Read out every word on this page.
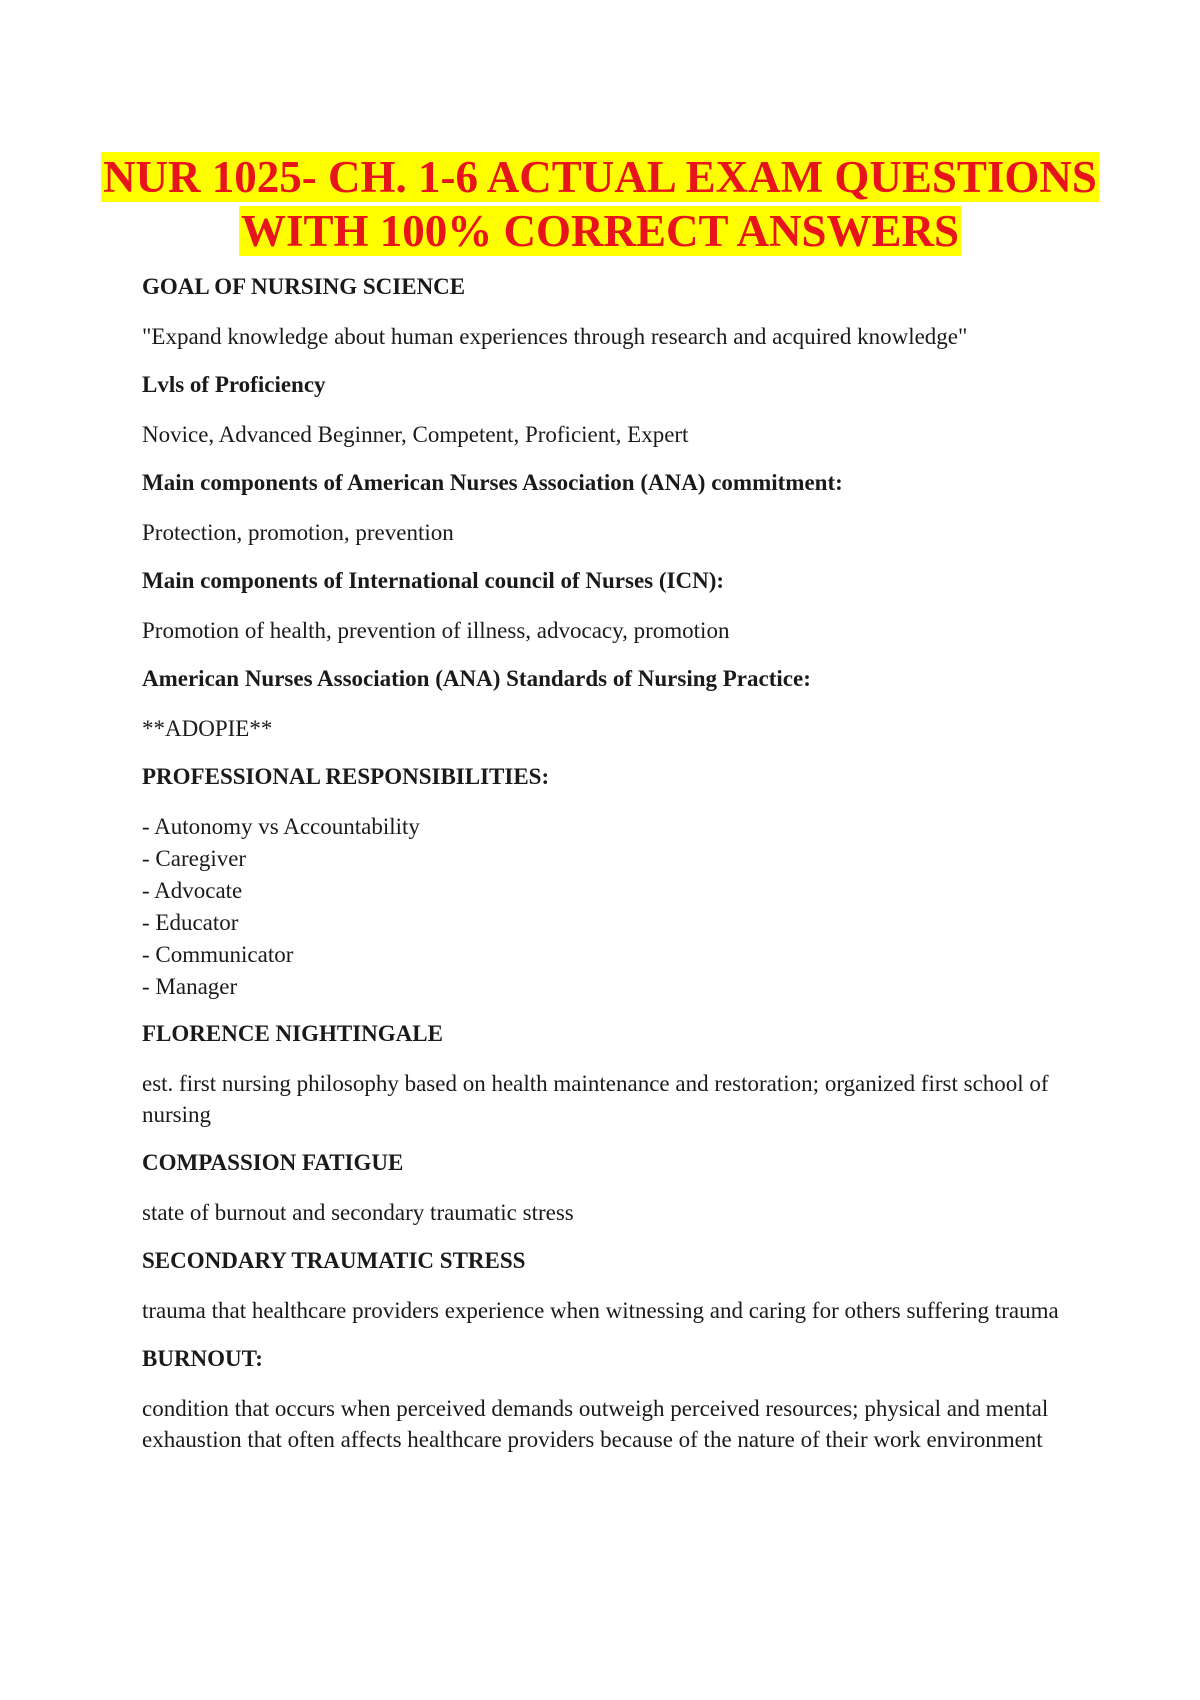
NUR 1025- CH. 1-6 ACTUAL EXAM QUESTIONS
WITH 100% CORRECT ANSWERS
GOAL OF NURSING SCIENCE
"Expand knowledge about human experiences through research and acquired knowledge"
Lvls of Proficiency
Novice, Advanced Beginner, Competent, Proficient, Expert
Main components of American Nurses Association (ANA) commitment:
Protection, promotion, prevention
Main components of International council of Nurses (ICN):
Promotion of health, prevention of illness, advocacy, promotion
American Nurses Association (ANA) Standards of Nursing Practice:
**ADOPIE**
PROFESSIONAL RESPONSIBILITIES:
- Autonomy vs Accountability
- Caregiver
- Advocate
- Educator
- Communicator
- Manager
FLORENCE NIGHTINGALE
est. first nursing philosophy based on health maintenance and restoration; organized first school of nursing
COMPASSION FATIGUE
state of burnout and secondary traumatic stress
SECONDARY TRAUMATIC STRESS
trauma that healthcare providers experience when witnessing and caring for others suffering trauma
BURNOUT:
condition that occurs when perceived demands outweigh perceived resources; physical and mental exhaustion that often affects healthcare providers because of the nature of their work environment
